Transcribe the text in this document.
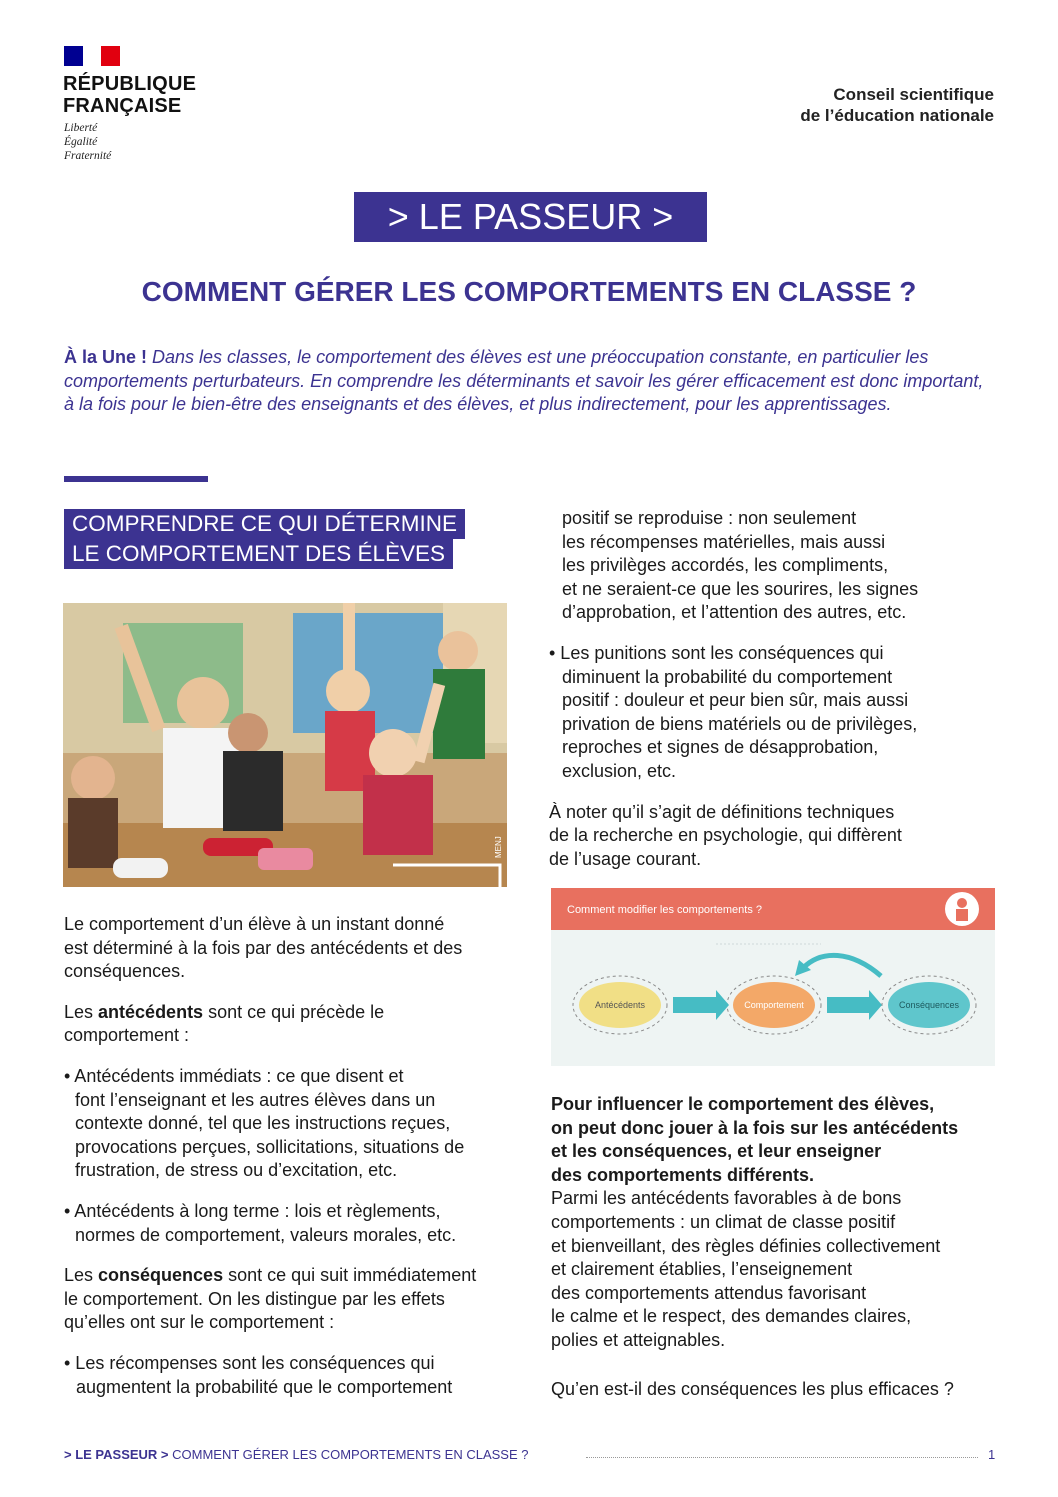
RÉPUBLIQUE
FRANÇAISE
Liberté
Égalité
Fraternité
Conseil scientifique
de l’éducation nationale
> LE PASSEUR >
COMMENT GÉRER LES COMPORTEMENTS EN CLASSE ?
À la Une ! Dans les classes, le comportement des élèves est une préoccupation constante, en particulier les comportements perturbateurs. En comprendre les déterminants et savoir les gérer efficacement est donc important, à la fois pour le bien-être des enseignants et des élèves, et plus indirectement, pour les apprentissages.
COMPRENDRE CE QUI DÉTERMINE
LE COMPORTEMENT DES ÉLÈVES
MENJ

Le comportement d’un élève à un instant donné
est déterminé à la fois par des antécédents et des
conséquences.

Les antécédents sont ce qui précède le
comportement :

• Antécédents immédiats : ce que disent et
font l’enseignant et les autres élèves dans un
contexte donné, tel que les instructions reçues,
provocations perçues, sollicitations, situations de
frustration, de stress ou d’excitation, etc.

• Antécédents à long terme : lois et règlements,
normes de comportement, valeurs morales, etc.

Les conséquences sont ce qui suit immédiatement
le comportement. On les distingue par les effets
qu’elles ont sur le comportement :

• Les récompenses sont les conséquences qui
augmentent la probabilité que le comportement

positif se reproduise : non seulement
les récompenses matérielles, mais aussi
les privilèges accordés, les compliments,
et ne seraient-ce que les sourires, les signes
d’approbation, et l’attention des autres, etc.

• Les punitions sont les conséquences qui
diminuent la probabilité du comportement
positif : douleur et peur bien sûr, mais aussi
privation de biens matériels ou de privilèges,
reproches et signes de désapprobation,
exclusion, etc.

À noter qu’il s’agit de définitions techniques
de la recherche en psychologie, qui diffèrent
de l’usage courant.

Comment modifier les comportements ?
Antécédents	Comportement	Conséquences

Pour influencer le comportement des élèves,
on peut donc jouer à la fois sur les antécédents
et les conséquences, et leur enseigner
des comportements différents.

Parmi les antécédents favorables à de bons
comportements : un climat de classe positif
et bienveillant, des règles définies collectivement
et clairement établies, l’enseignement
des comportements attendus favorisant
le calme et le respect, des demandes claires,
polies et atteignables.

Qu’en est-il des conséquences les plus efficaces ?

> LE PASSEUR > COMMENT GÉRER LES COMPORTEMENTS EN CLASSE ?	1
